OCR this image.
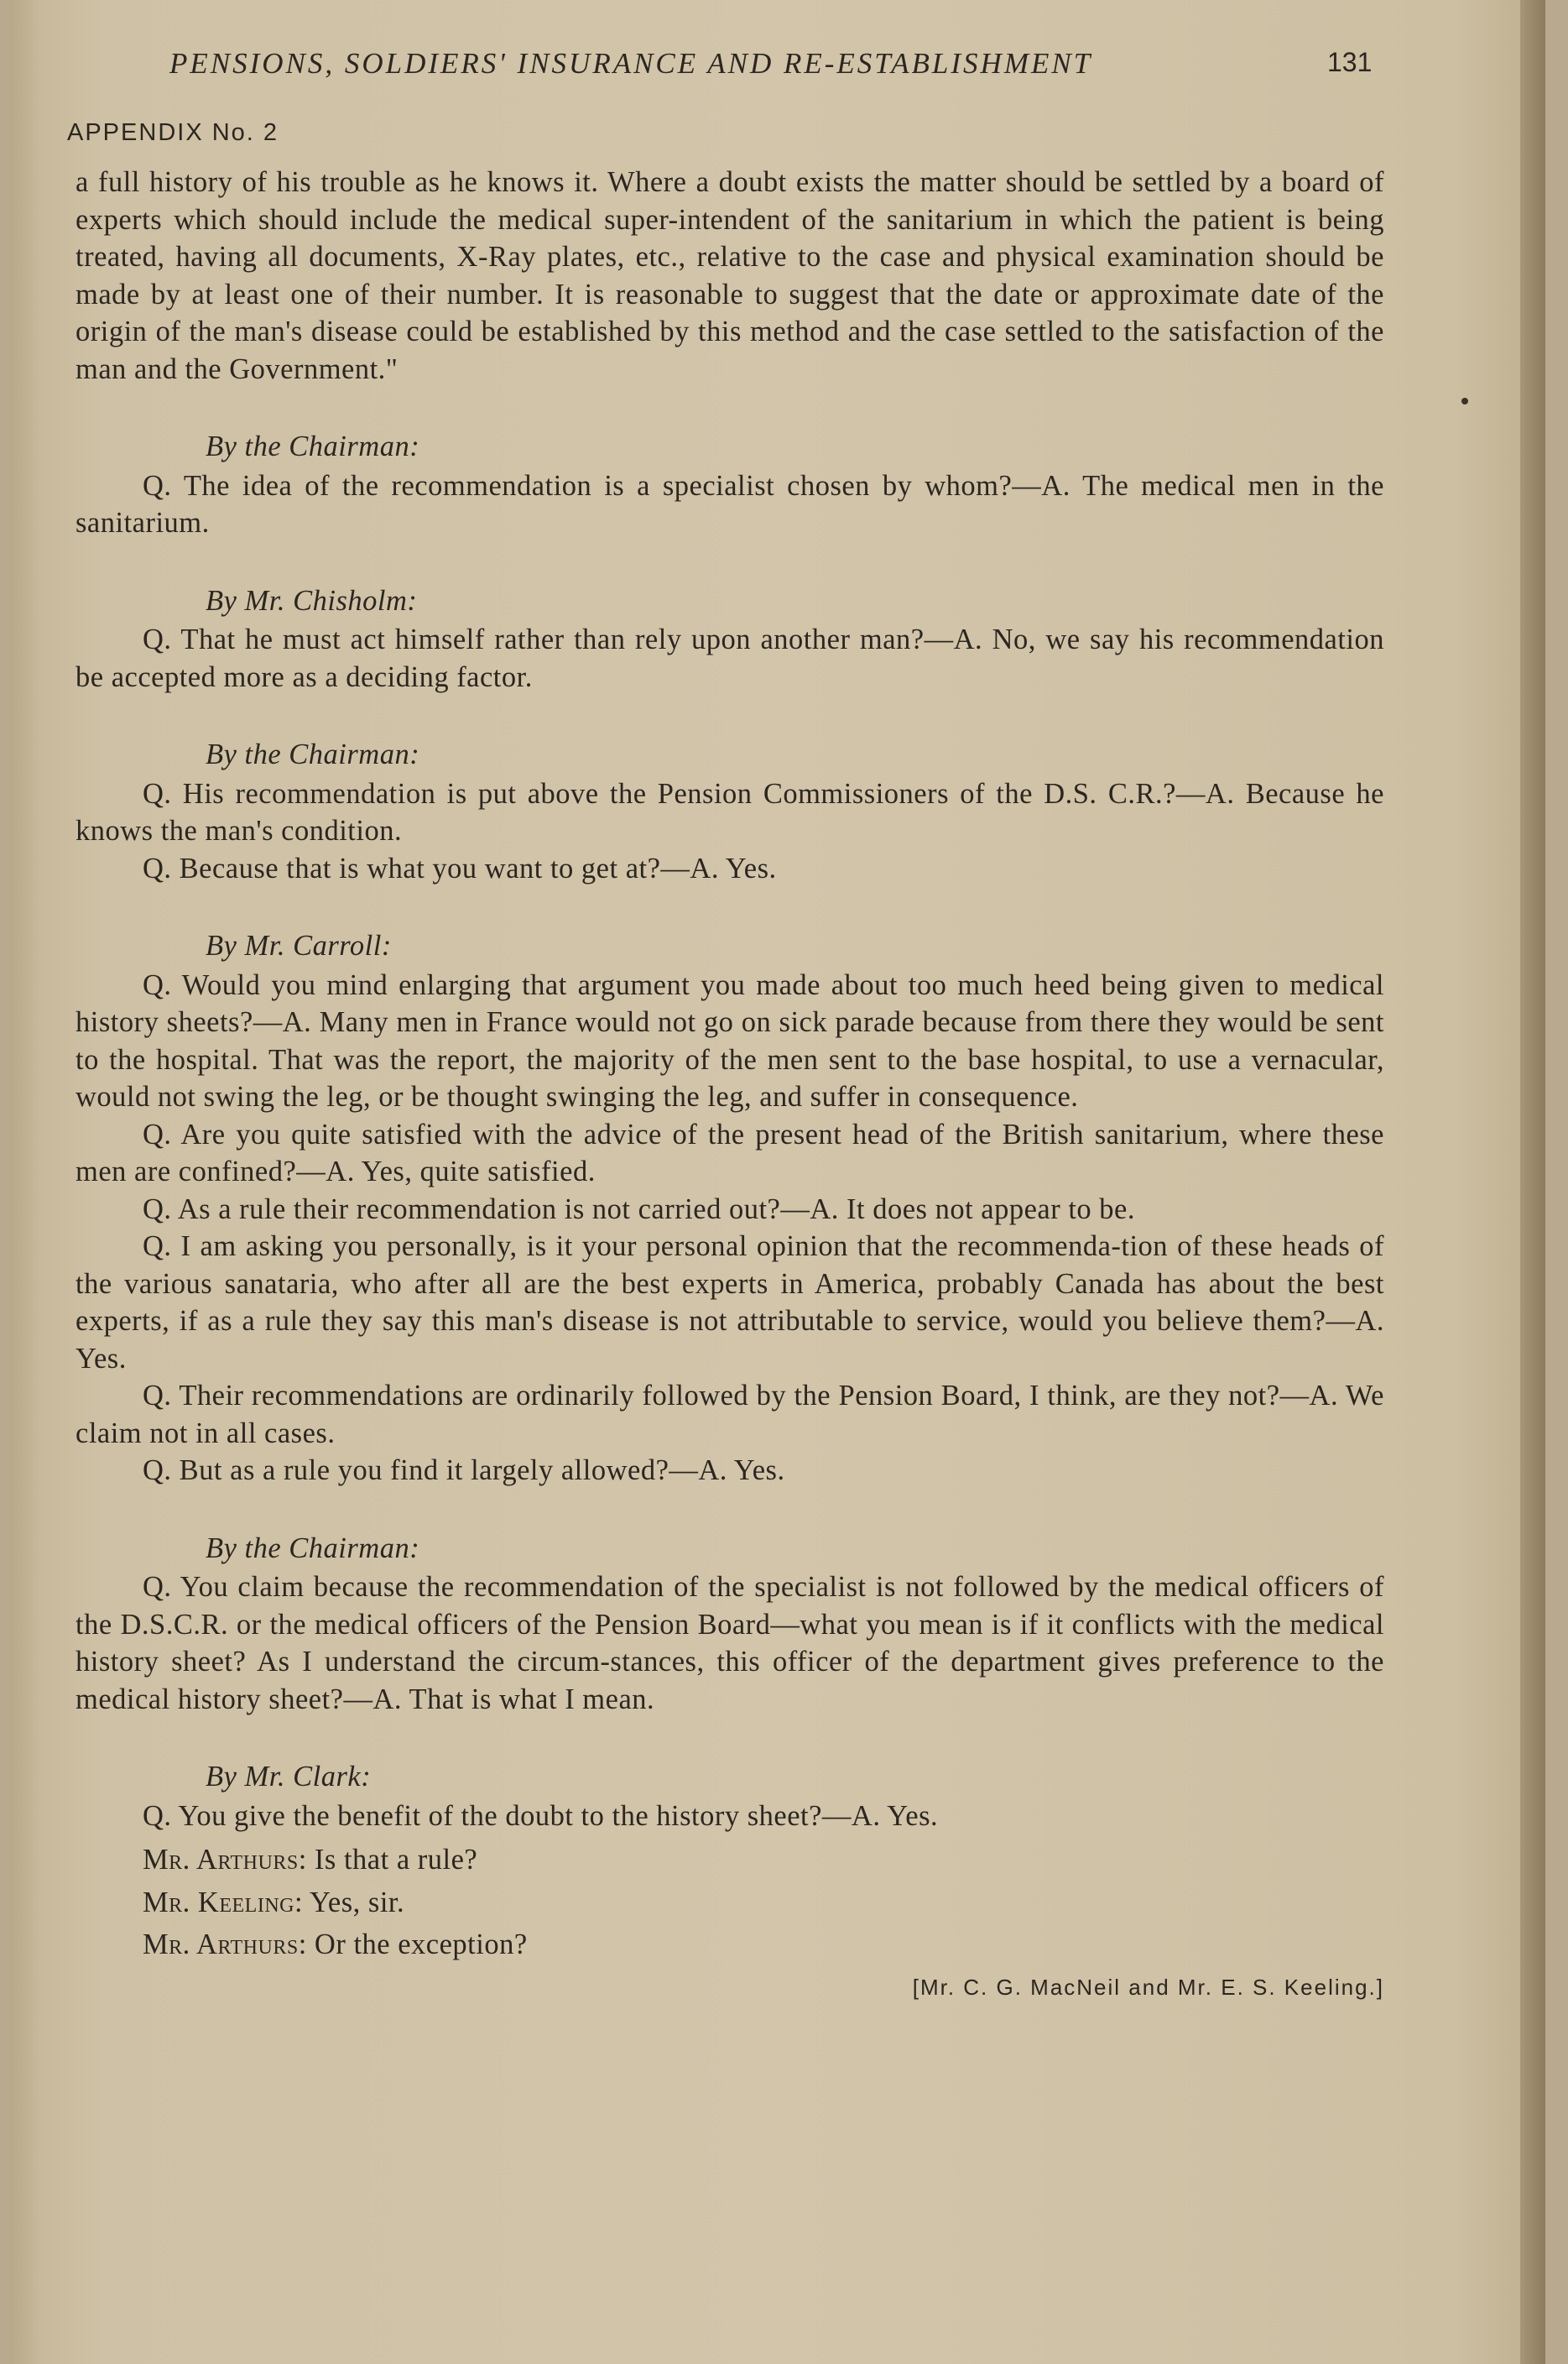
PENSIONS, SOLDIERS' INSURANCE AND RE-ESTABLISHMENT	131
APPENDIX No. 2

a full history of his trouble as he knows it. Where a doubt exists the matter should be settled by a board of experts which should include the medical super-intendent of the sanitarium in which the patient is being treated, having all documents, X-Ray plates, etc., relative to the case and physical examination should be made by at least one of their number. It is reasonable to suggest that the date or approximate date of the origin of the man's disease could be established by this method and the case settled to the satisfaction of the man and the Government."

By the Chairman:

Q. The idea of the recommendation is a specialist chosen by whom?—A. The medical men in the sanitarium.

By Mr. Chisholm:

Q. That he must act himself rather than rely upon another man?—A. No, we say his recommendation be accepted more as a deciding factor.

By the Chairman:

Q. His recommendation is put above the Pension Commissioners of the D.S. C.R.?—A. Because he knows the man's condition.

Q. Because that is what you want to get at?—A. Yes.

By Mr. Carroll:

Q. Would you mind enlarging that argument you made about too much heed being given to medical history sheets?—A. Many men in France would not go on sick parade because from there they would be sent to the hospital. That was the report, the majority of the men sent to the base hospital, to use a vernacular, would not swing the leg, or be thought swinging the leg, and suffer in consequence.

Q. Are you quite satisfied with the advice of the present head of the British sanitarium, where these men are confined?—A. Yes, quite satisfied.

Q. As a rule their recommendation is not carried out?—A. It does not appear to be.

Q. I am asking you personally, is it your personal opinion that the recommenda-tion of these heads of the various sanataria, who after all are the best experts in America, probably Canada has about the best experts, if as a rule they say this man's disease is not attributable to service, would you believe them?—A. Yes.

Q. Their recommendations are ordinarily followed by the Pension Board, I think, are they not?—A. We claim not in all cases.

Q. But as a rule you find it largely allowed?—A. Yes.

By the Chairman:

Q. You claim because the recommendation of the specialist is not followed by the medical officers of the D.S.C.R. or the medical officers of the Pension Board—what you mean is if it conflicts with the medical history sheet? As I understand the circum-stances, this officer of the department gives preference to the medical history sheet?—A. That is what I mean.

By Mr. Clark:

Q. You give the benefit of the doubt to the history sheet?—A. Yes.

Mr. Arthurs: Is that a rule?

Mr. Keeling: Yes, sir.

Mr. Arthurs: Or the exception?

[Mr. C. G. MacNeil and Mr. E. S. Keeling.]
